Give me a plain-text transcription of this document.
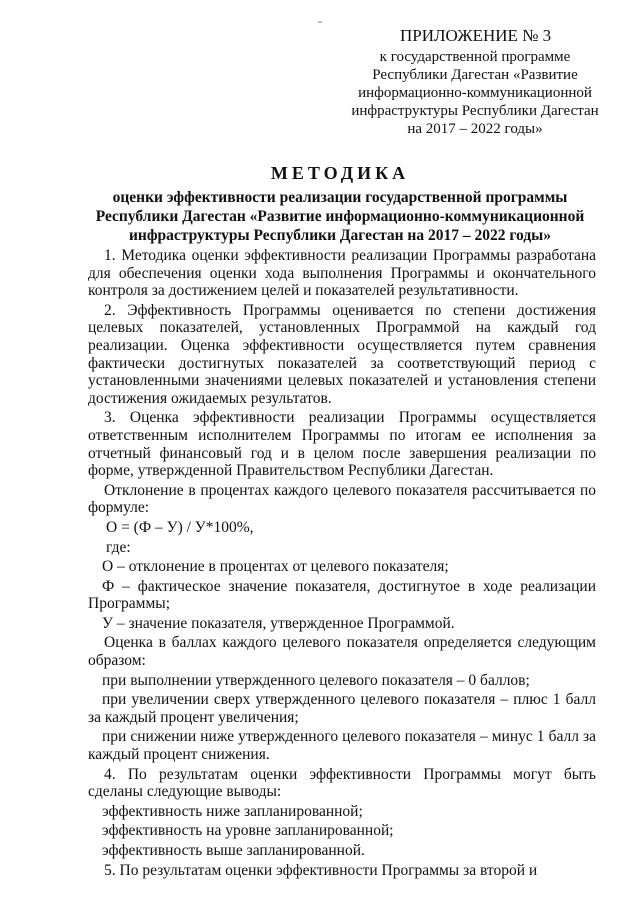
-
ПРИЛОЖЕНИЕ № 3
к государственной программе
Республики Дагестан «Развитие
информационно-коммуникационной
инфраструктуры Республики Дагестан
на 2017 – 2022 годы»
МЕТОДИКА
оценки эффективности реализации государственной программы Республики Дагестан «Развитие информационно-коммуникационной инфраструктуры Республики Дагестан на 2017 – 2022 годы»

1. Методика оценки эффективности реализации Программы разработана для обеспечения оценки хода выполнения Программы и окончательного контроля за достижением целей и показателей результативности.

2. Эффективность Программы оценивается по степени достижения целевых показателей, установленных Программой на каждый год реализации. Оценка эффективности осуществляется путем сравнения фактически достигнутых показателей за соответствующий период с установленными значениями целевых показателей и установления степени достижения ожидаемых результатов.

3. Оценка эффективности реализации Программы осуществляется ответственным исполнителем Программы по итогам ее исполнения за отчетный финансовый год и в целом после завершения реализации по форме, утвержденной Правительством Республики Дагестан.

Отклонение в процентах каждого целевого показателя рассчитывается по формуле:

О = (Ф – У) / У*100%,

где:

О – отклонение в процентах от целевого показателя;

Ф – фактическое значение показателя, достигнутое в ходе реализации Программы;

У – значение показателя, утвержденное Программой.

Оценка в баллах каждого целевого показателя определяется следующим образом:

при выполнении утвержденного целевого показателя – 0 баллов;

при увеличении сверх утвержденного целевого показателя – плюс 1 балл за каждый процент увеличения;

при снижении ниже утвержденного целевого показателя – минус 1 балл за каждый процент снижения.

4. По результатам оценки эффективности Программы могут быть сделаны следующие выводы:

эффективность ниже запланированной;

эффективность на уровне запланированной;

эффективность выше запланированной.

5. По результатам оценки эффективности Программы за второй и
